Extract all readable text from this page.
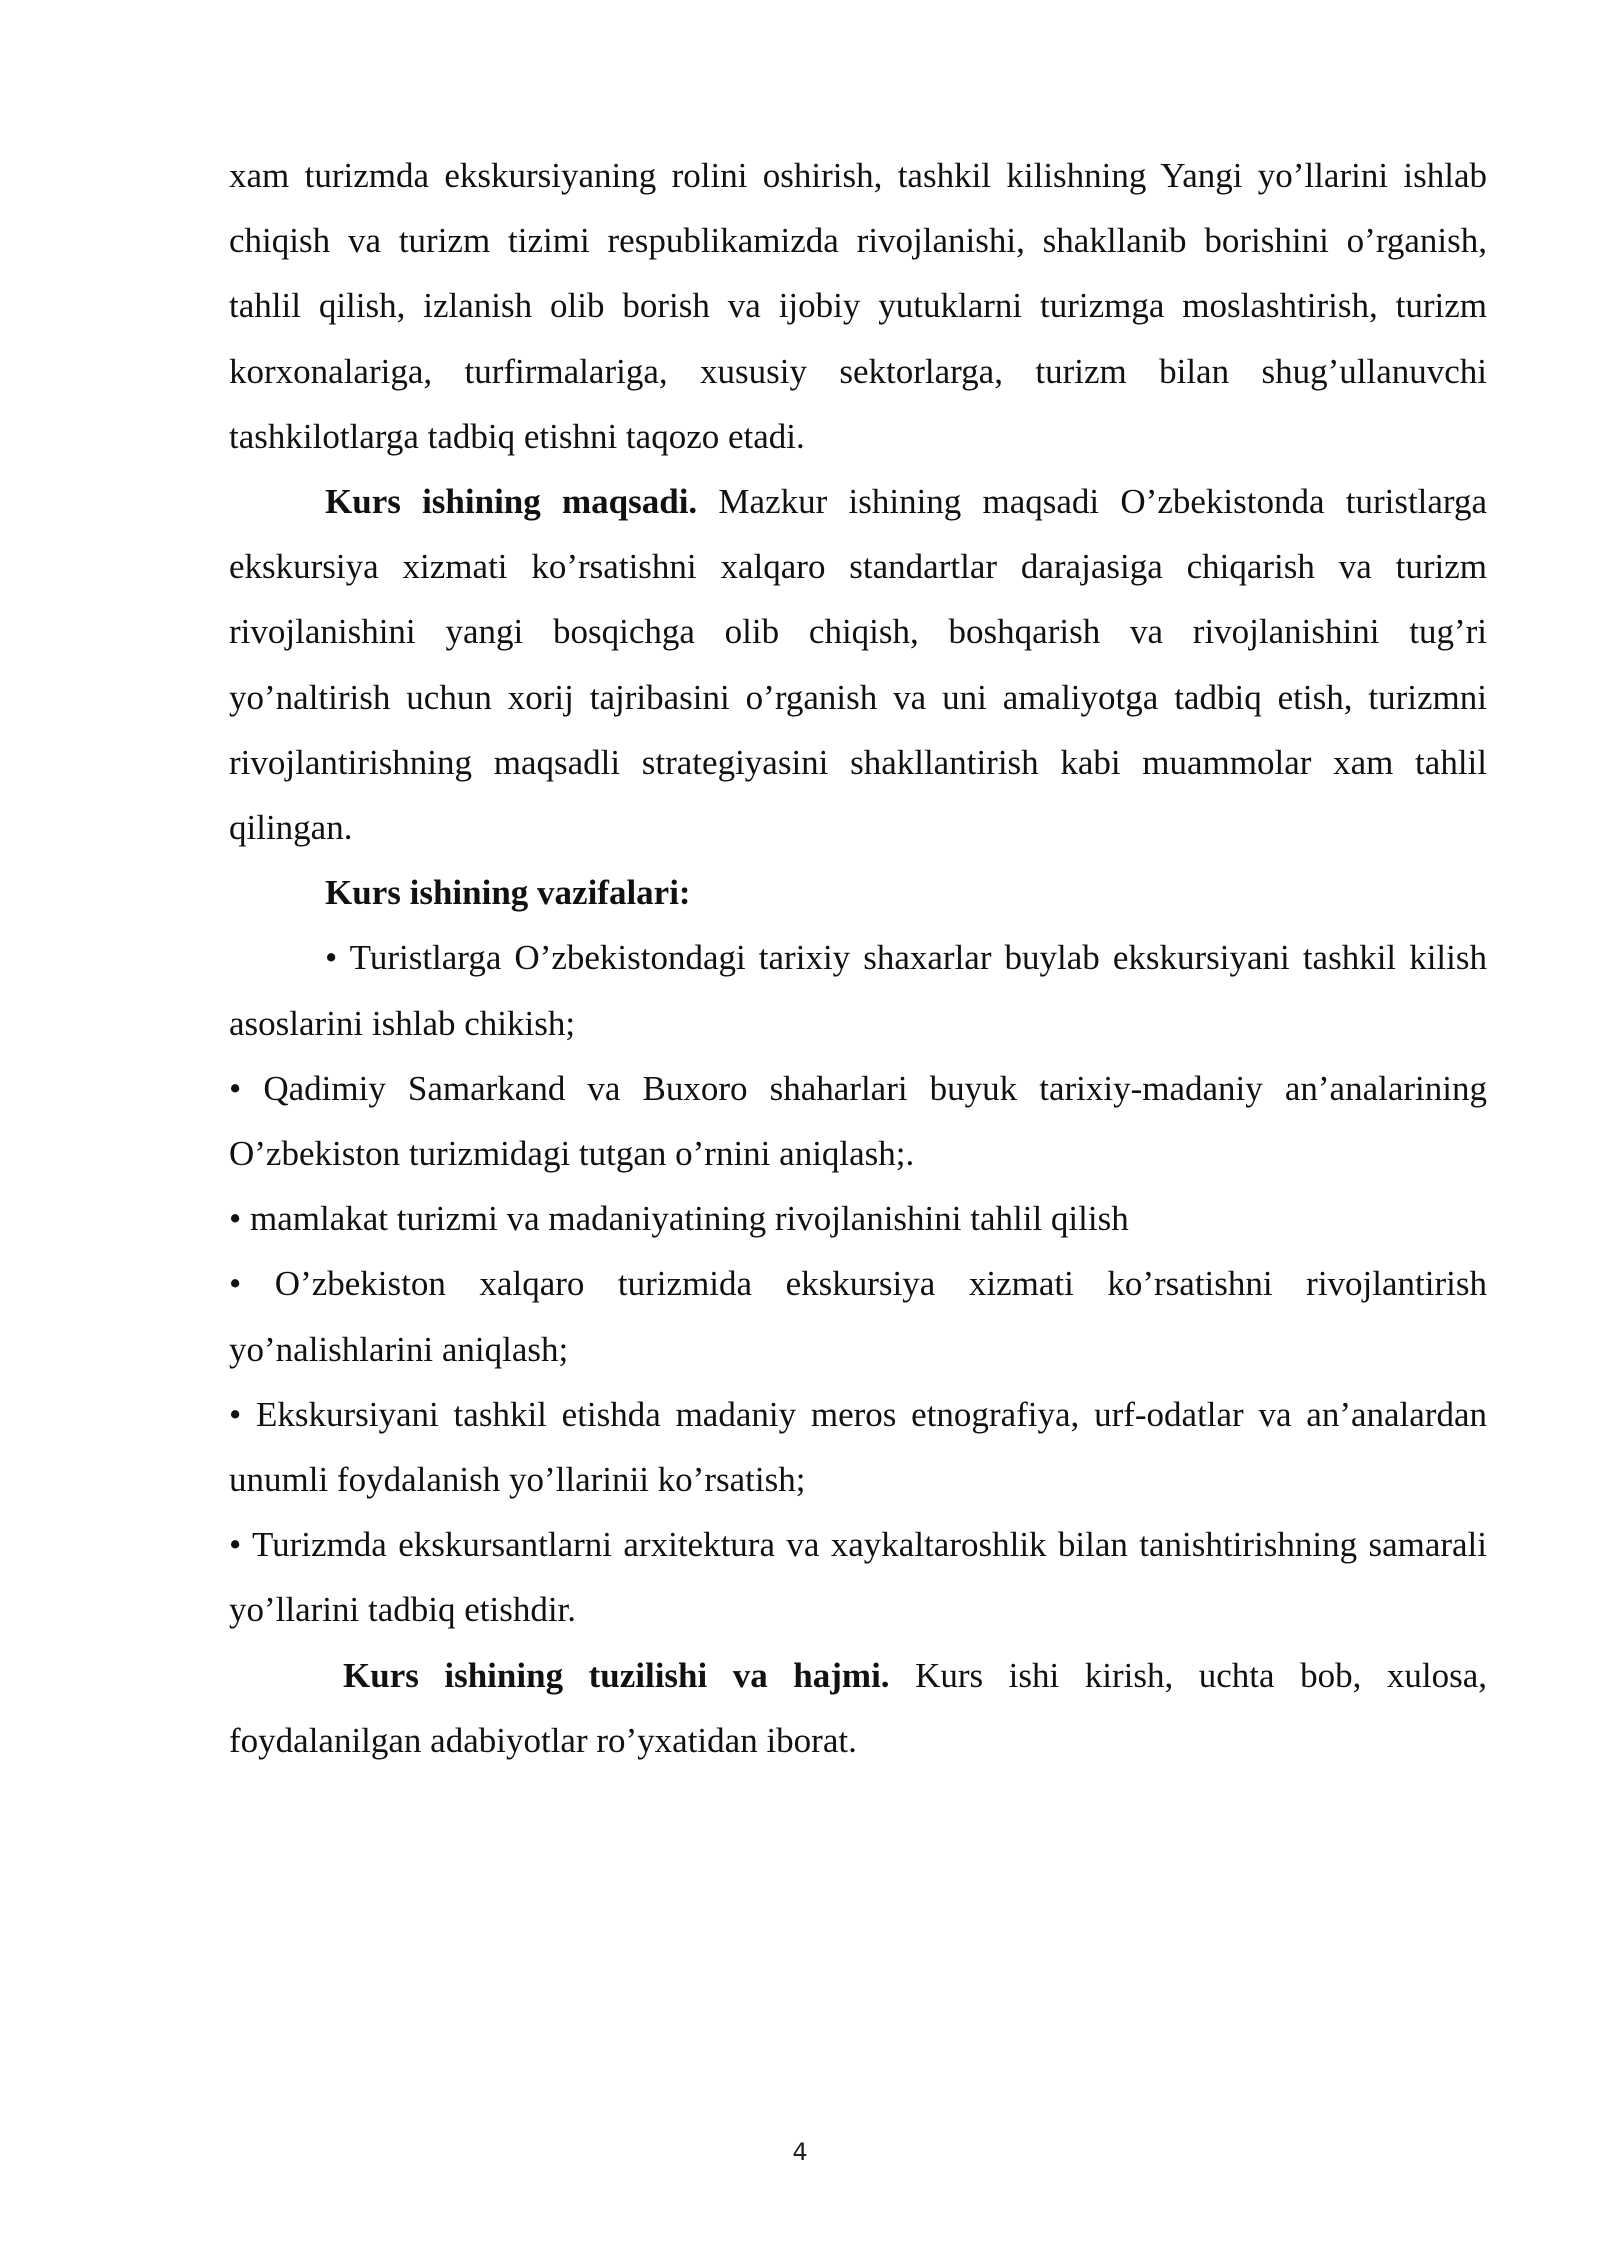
xam turizmda ekskursiyaning rolini oshirish, tashkil kilishning Yangi yo’llarini ishlab chiqish va turizm tizimi respublikamizda rivojlanishi, shakllanib borishini o’rganish, tahlil qilish, izlanish olib borish va ijobiy yutuklarni turizmga moslashtirish, turizm korxonalariga, turfirmalariga, xususiy sektorlarga, turizm bilan shug’ullanuvchi tashkilotlarga tadbiq etishni taqozo etadi.

Kurs ishining maqsadi. Mazkur ishining maqsadi O’zbekistonda turistlarga ekskursiya xizmati ko’rsatishni xalqaro standartlar darajasiga chiqarish va turizm rivojlanishini yangi bosqichga olib chiqish, boshqarish va rivojlanishini tug’ri yo’naltirish uchun xorij tajribasini o’rganish va uni amaliyotga tadbiq etish, turizmni rivojlantirishning maqsadli strategiyasini shakllantirish kabi muammolar xam tahlil qilingan.

Kurs ishining vazifalari:

• Turistlarga O’zbekistondagi tarixiy shaxarlar buylab ekskursiyani tashkil kilish asoslarini ishlab chikish;

• Qadimiy Samarkand va Buxoro shaharlari buyuk tarixiy-madaniy an’analarining O’zbekiston turizmidagi tutgan o’rnini aniqlash;.

• mamlakat turizmi va madaniyatining rivojlanishini tahlil qilish

• O’zbekiston xalqaro turizmida ekskursiya xizmati ko’rsatishni rivojlantirish yo’nalishlarini aniqlash;

• Ekskursiyani tashkil etishda madaniy meros etnografiya, urf-odatlar va an’analardan unumli foydalanish yo’llarinii ko’rsatish;

• Turizmda ekskursantlarni arxitektura va xaykaltaroshlik bilan tanishtirishning samarali yo’llarini tadbiq etishdir.

Kurs ishining tuzilishi va hajmi. Kurs ishi kirish, uchta bob, xulosa, foydalanilgan adabiyotlar ro’yxatidan iborat.

4
